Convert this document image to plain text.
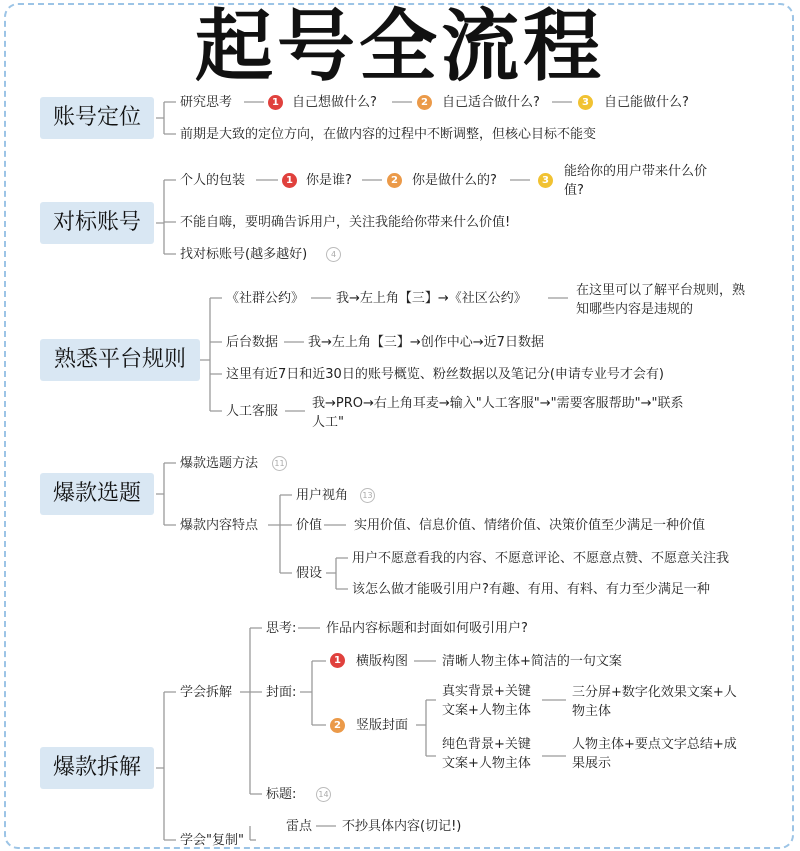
起号全流程
账号定位
研究思考	1	自己想做什么?	2	自己适合做什么?	3	自己能做什么?
前期是大致的定位方向，在做内容的过程中不断调整，但核心目标不能变
对标账号
个人的包装	1	你是谁?	2	你是做什么的?	3
能给你的用户带来什么价
值?
不能自嗨，要明确告诉用户，关注我能给你带来什么价值!
找对标账号(越多越好)	4
熟悉平台规则
《社群公约》 我→左上角【三】→《社区公约》
在这里可以了解平台规则，熟
知哪些内容是违规的
后台数据 我→左上角【三】→创作中心→近7日数据
这里有近7日和近30日的账号概览、粉丝数据以及笔记分(申请专业号才会有)
人工客服
我→PRO→右上角耳麦→输入"人工客服"→"需要客服帮助"→"联系
人工"
爆款选题
爆款选题方法	11
爆款内容特点
用户视角	13
价值 实用价值、信息价值、情绪价值、决策价值至少满足一种价值
假设
用户不愿意看我的内容、不愿意评论、不愿意点赞、不愿意关注我
该怎么做才能吸引用户?有趣、有用、有料、有力至少满足一种
爆款拆解
学会拆解
思考: 作品内容标题和封面如何吸引用户?
封面:
1	横版构图	清晰人物主体+简洁的一句文案
2	竖版封面
真实背景+关键
文案+人物主体
三分屏+数字化效果文案+人
物主体
纯色背景+关键
文案+人物主体
人物主体+要点文字总结+成
果展示
标题:	14
学会"复制"
雷点 不抄具体内容(切记!)
